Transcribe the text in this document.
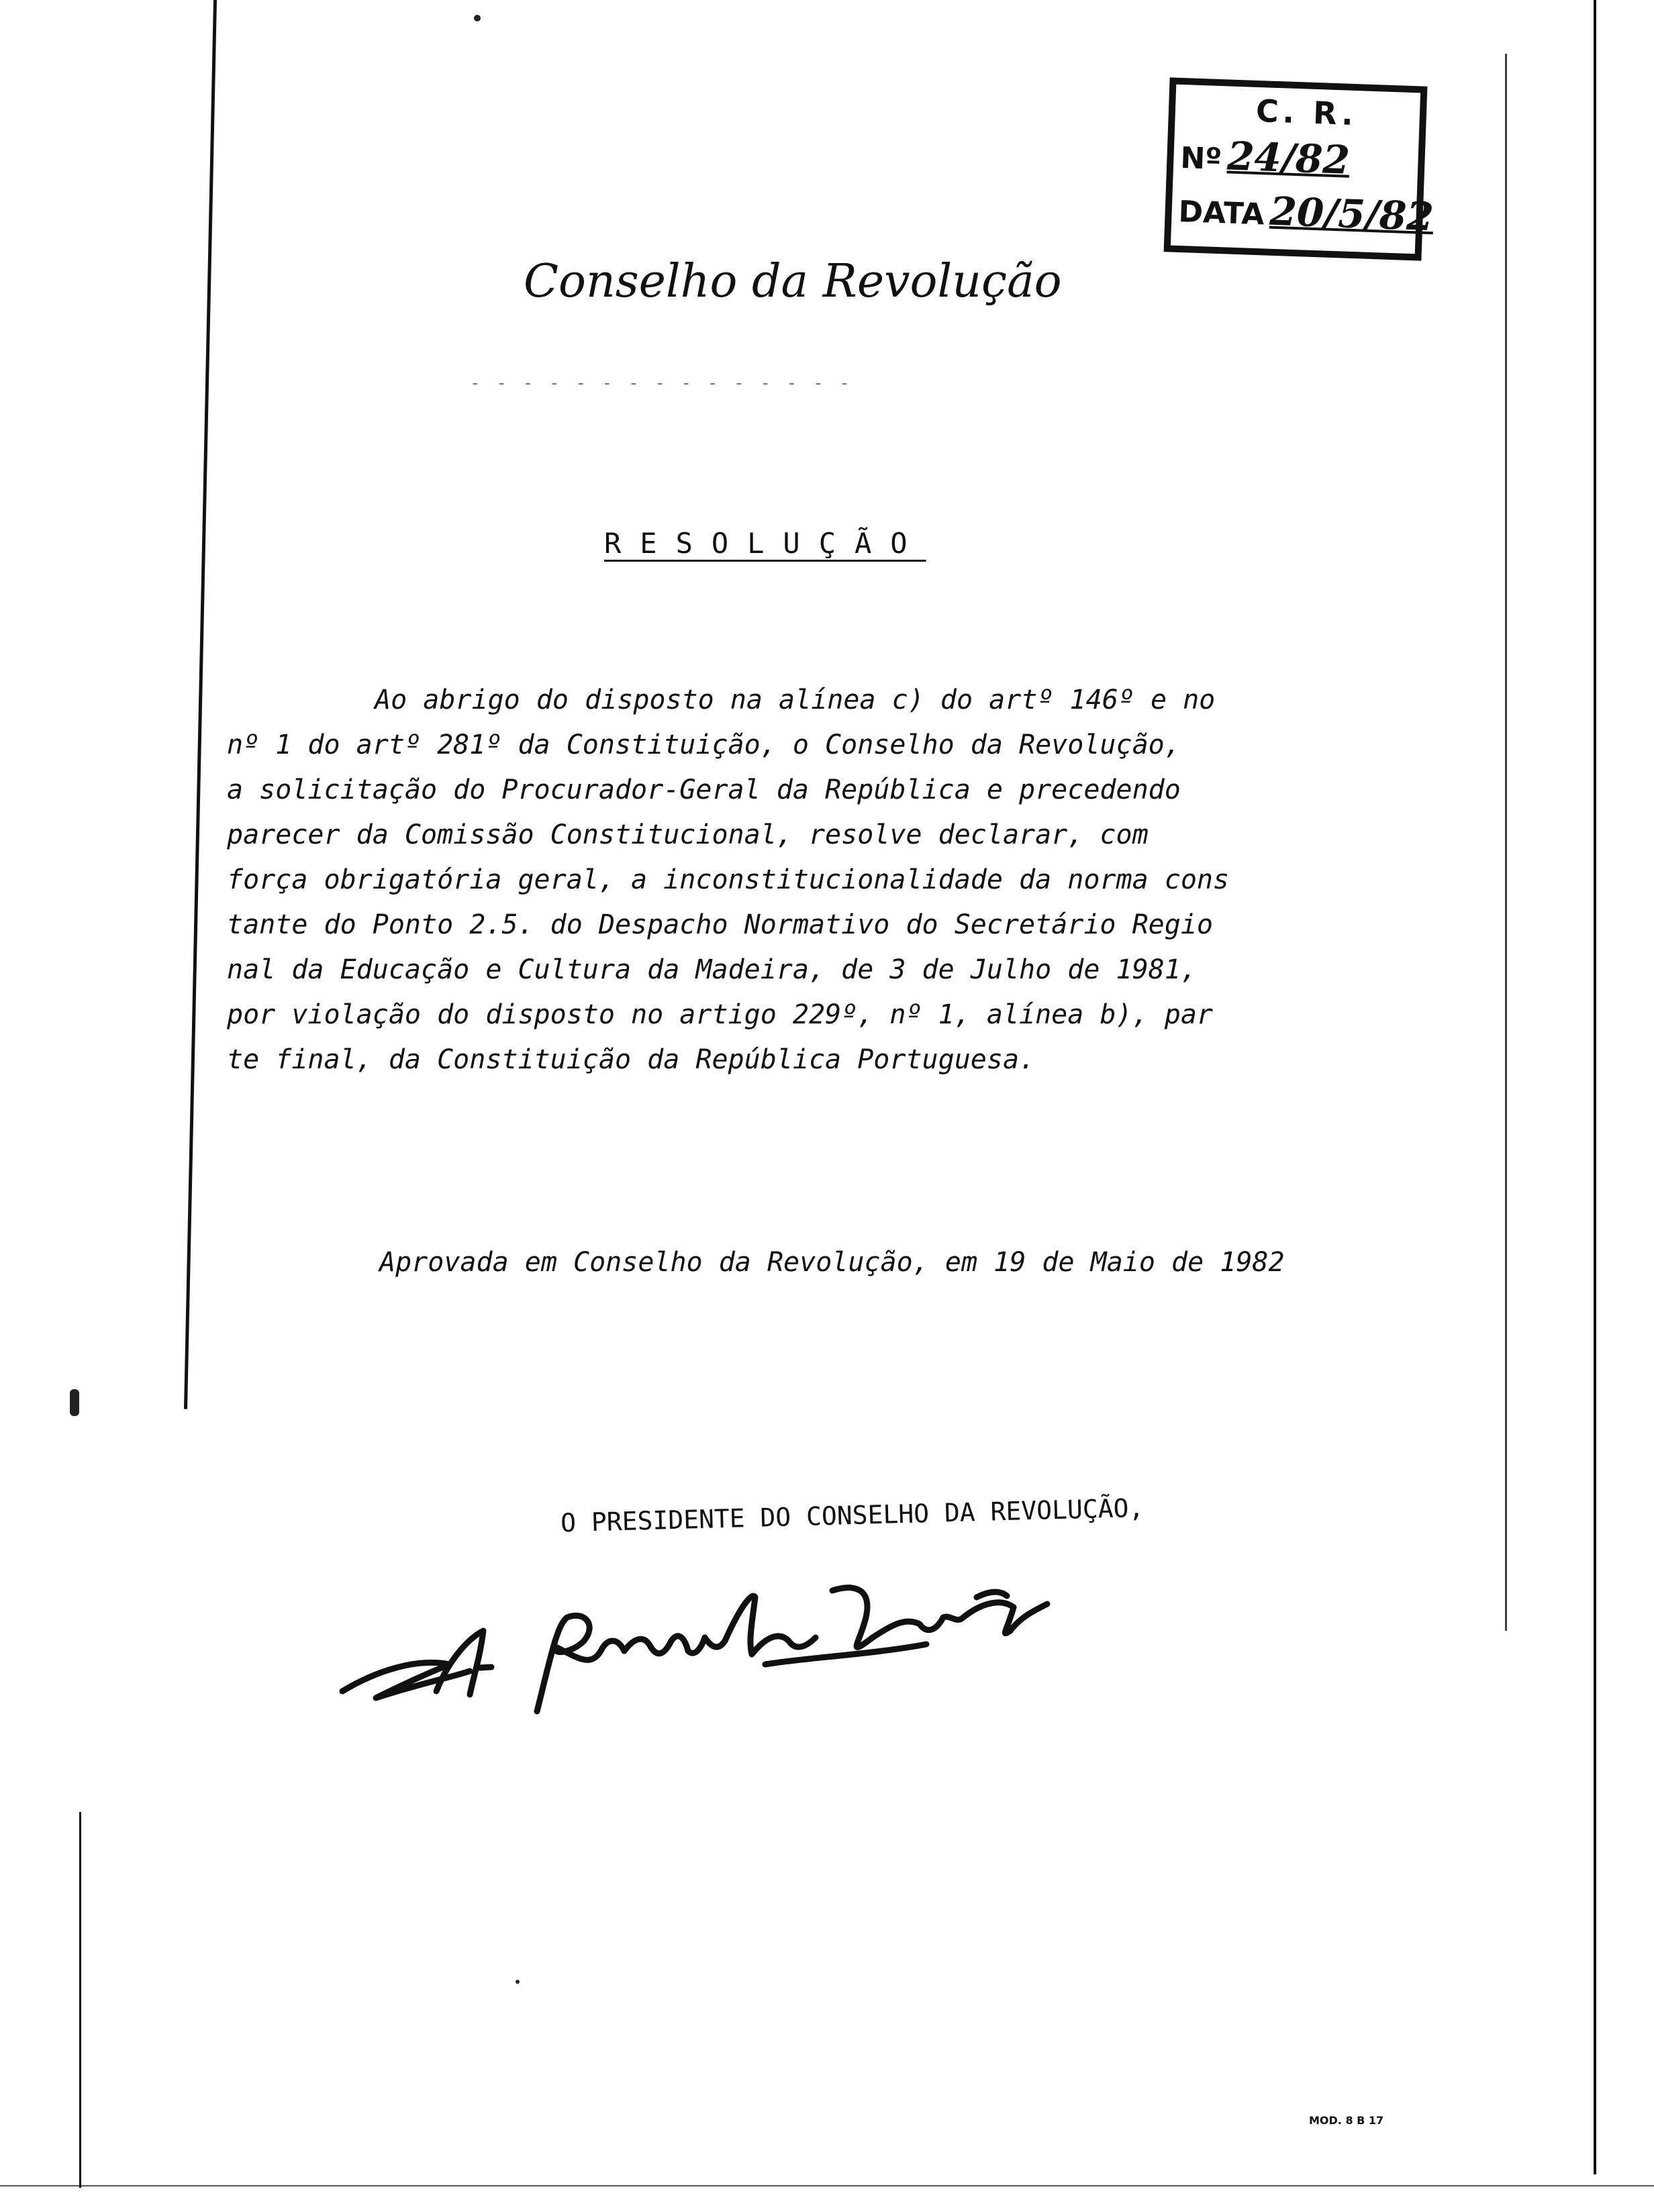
C. R.
Nº 24/82
DATA 20/5/82
Conselho da Revolução
- - - - - - - - - - - - - - -
RESOLUÇÃO
Ao abrigo do disposto na alínea c) do artº 146º e no
nº 1 do artº 281º da Constituição, o Conselho da Revolução,
a solicitação do Procurador-Geral da República e precedendo
parecer da Comissão Constitucional, resolve declarar, com
força obrigatória geral, a inconstitucionalidade da norma cons
tante do Ponto 2.5. do Despacho Normativo do Secretário Regio
nal da Educação e Cultura da Madeira, de 3 de Julho de 1981,
por violação do disposto no artigo 229º, nº 1, alínea b), par
te final, da Constituição da República Portuguesa.
Aprovada em Conselho da Revolução, em 19 de Maio de 1982
O PRESIDENTE DO CONSELHO DA REVOLUÇÃO,
MOD. 8 B 17
